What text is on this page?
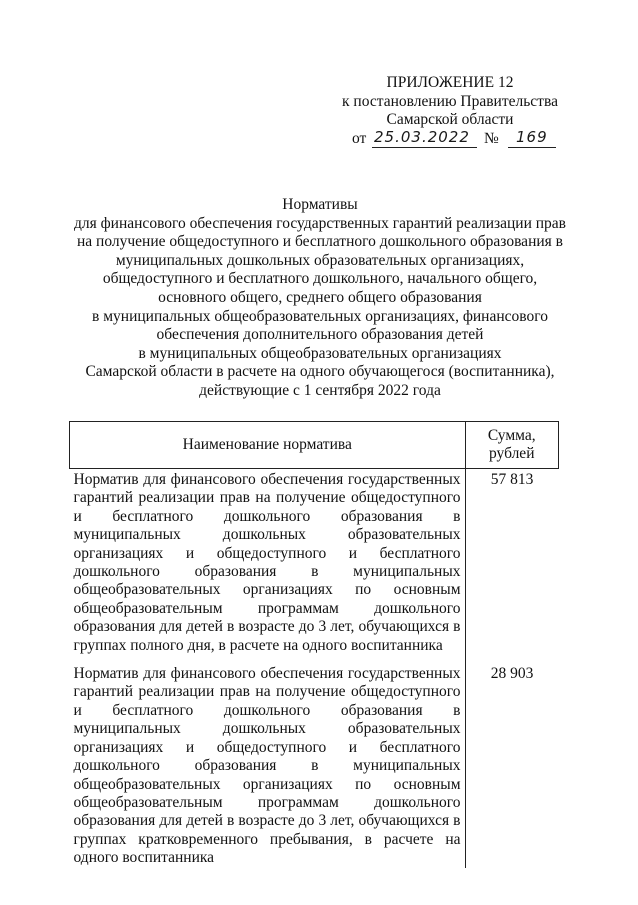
ПРИЛОЖЕНИЕ 12
к постановлению Правительства
Самарской области
от 25.03.2022 № 169
Нормативы
для финансового обеспечения государственных гарантий реализации прав
на получение общедоступного и бесплатного дошкольного образования в
муниципальных дошкольных образовательных организациях,
общедоступного и бесплатного дошкольного, начального общего,
основного общего, среднего общего образования
в муниципальных общеобразовательных организациях, финансового
обеспечения дополнительного образования детей
в муниципальных общеобразовательных организациях
Самарской области в расчете на одного обучающегося (воспитанника),
действующие с 1 сентября 2022 года
Наименование норматива	Сумма,
рублей

Норматив для финансового обеспечения государственных гарантий реализации прав на получение общедоступного и бесплатного дошкольного образования в муниципальных дошкольных образовательных организациях и общедоступного и бесплатного дошкольного образования в муниципальных общеобразовательных организациях по основным общеобразовательным программам дошкольного образования для детей в возрасте до 3 лет, обучающихся в группах полного дня, в расчете на одного воспитанника	57 813
Норматив для финансового обеспечения государственных гарантий реализации прав на получение общедоступного и бесплатного дошкольного образования в муниципальных дошкольных образовательных организациях и общедоступного и бесплатного дошкольного образования в муниципальных общеобразовательных организациях по основным общеобразовательным программам дошкольного образования для детей в возрасте до 3 лет, обучающихся в группах кратковременного пребывания, в расчете на одного воспитанника	28 903
